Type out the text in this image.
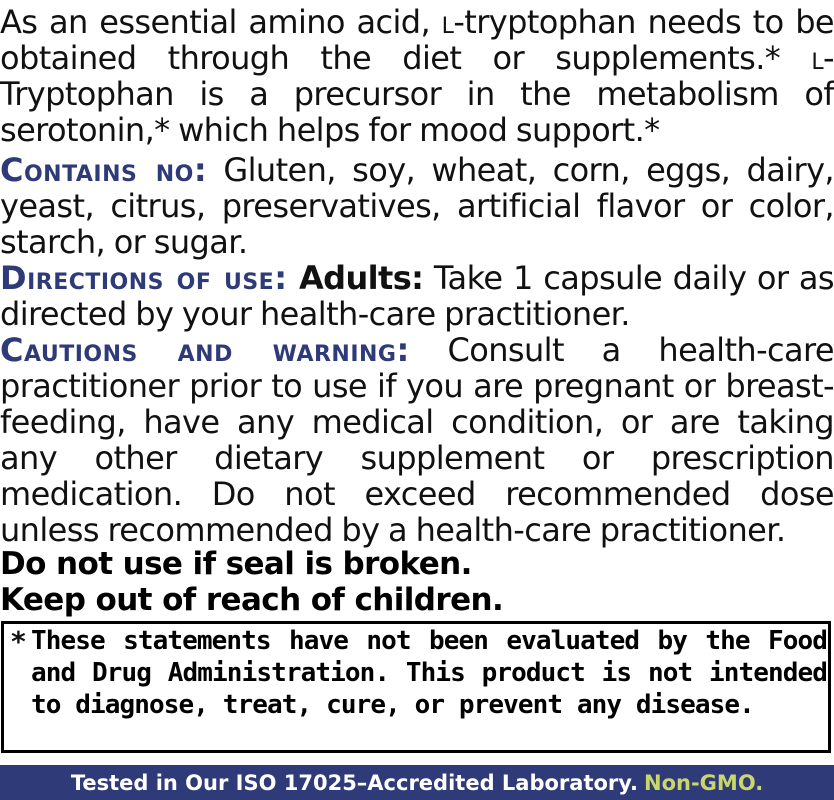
As an essential amino acid, l-tryptophan needs to be obtained through the diet or supplements.* l-Tryptophan is a precursor in the metabolism of serotonin,* which helps for mood support.*

Contains no: Gluten, soy, wheat, corn, eggs, dairy, yeast, citrus, preservatives, artificial flavor or color, starch, or sugar.

Directions of use: Adults: Take 1 capsule daily or as directed by your health-care practitioner.

Cautions and warning: Consult a health-care practitioner prior to use if you are pregnant or breast-feeding, have any medical condition, or are taking any other dietary supplement or prescription medication. Do not exceed recommended dose unless recommended by a health-care practitioner.

Do not use if seal is broken.
Keep out of reach of children.
* These statements have not been evaluated by the Food and Drug Administration. This product is not intended to diagnose, treat, cure, or prevent any disease.
Tested in Our ISO 17025–Accredited Laboratory. Non-GMO.
